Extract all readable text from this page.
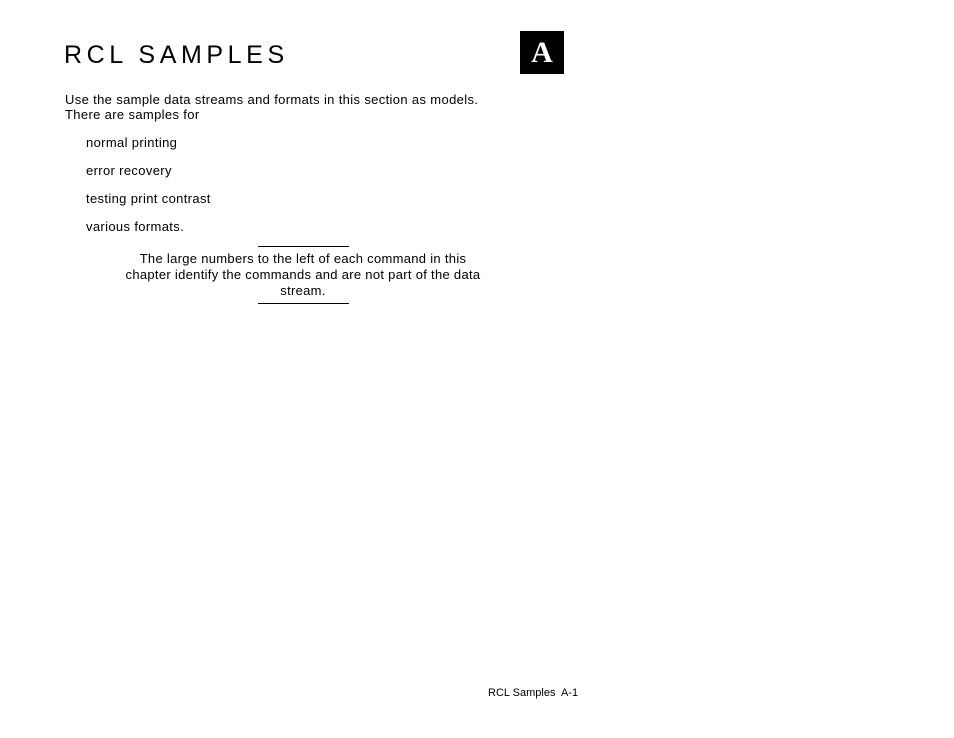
RCL SAMPLES	A

Use the sample data streams and formats in this section as models. There are samples for

normal printing
error recovery
testing print contrast
various formats.

The large numbers to the left of each command in this chapter identify the commands and are not part of the data stream.

RCL Samples  A-1
